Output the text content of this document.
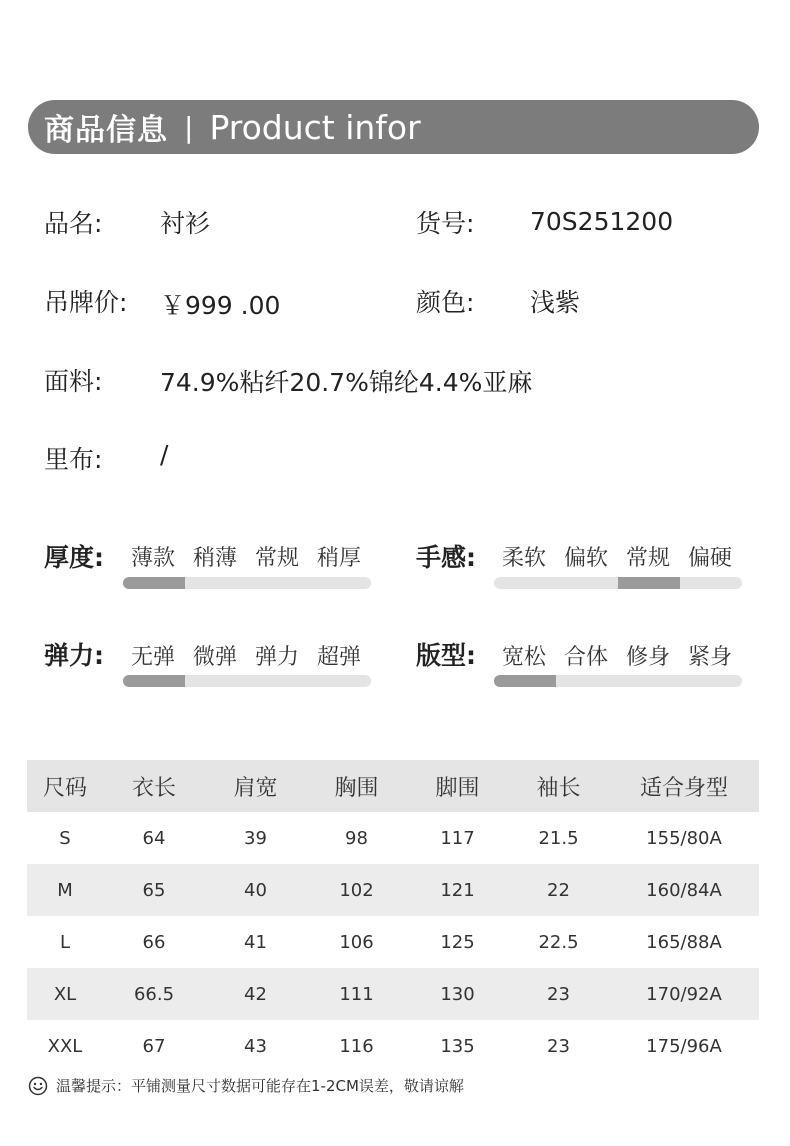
商品信息 | Product infor
品名: 衬衫	货号: 70S251200
吊牌价: ￥999 .00	颜色: 浅紫
面料: 74.9%粘纤20.7%锦纶4.4%亚麻
里布: /
厚度:	薄款 稍薄 常规 稍厚	手感:	柔软 偏软 常规 偏硬
弹力:	无弹 微弹 弹力 超弹	版型:	宽松 合体 修身 紧身
尺码	衣长	肩宽	胸围	脚围	袖长	适合身型
S	64	39	98	117	21.5	155/80A
M	65	40	102	121	22	160/84A
L	66	41	106	125	22.5	165/88A
XL	66.5	42	111	130	23	170/92A
XXL	67	43	116	135	23	175/96A
温馨提示：平铺测量尺寸数据可能存在1-2CM误差，敬请谅解
